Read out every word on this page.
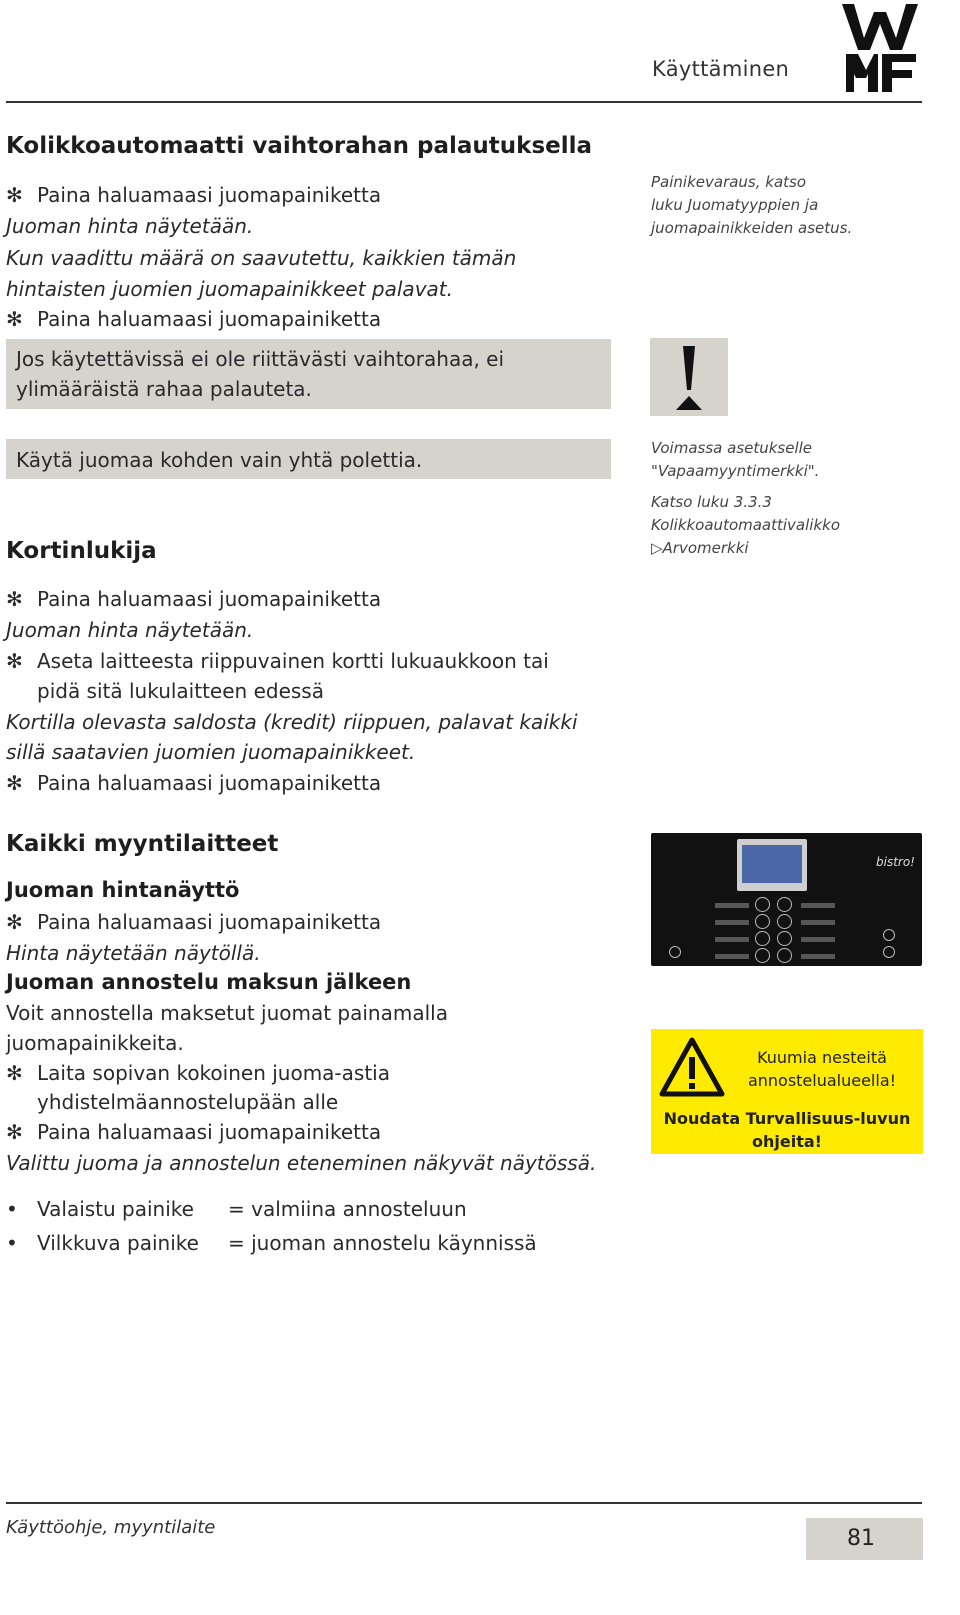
Käyttäminen
Kolikkoautomaatti vaihtorahan palautuksella
✻ Paina haluamaasi juomapainiketta
Juoman hinta näytetään.
Kun vaadittu määrä on saavutettu, kaikkien tämän
hintaisten juomien juomapainikkeet palavat.
✻ Paina haluamaasi juomapainiketta
Jos käytettävissä ei ole riittävästi vaihtorahaa, ei
ylimääräistä rahaa palauteta.
Käytä juomaa kohden vain yhtä polettia.
Painikevaraus, katso
luku Juomatyyppien ja
juomapainikkeiden asetus.
Voimassa asetukselle
"Vapaamyyntimerkki".
Katso luku 3.3.3
Kolikkoautomaattivalikko
▷Arvomerkki
Kortinlukija
✻ Paina haluamaasi juomapainiketta
Juoman hinta näytetään.
✻ Aseta laitteesta riippuvainen kortti lukuaukkoon tai
pidä sitä lukulaitteen edessä
Kortilla olevasta saldosta (kredit) riippuen, palavat kaikki
sillä saatavien juomien juomapainikkeet.
✻ Paina haluamaasi juomapainiketta
Kaikki myyntilaitteet
Juoman hintanäyttö
✻ Paina haluamaasi juomapainiketta
Hinta näytetään näytöllä.
Juoman annostelu maksun jälkeen
Voit annostella maksetut juomat painamalla
juomapainikkeita.
✻ Laita sopivan kokoinen juoma-astia
yhdistelmäannostelupään alle
✻ Paina haluamaasi juomapainiketta
Valittu juoma ja annostelun eteneminen näkyvät näytössä.
• Valaistu painike = valmiina annosteluun
• Vilkkuva painike = juoman annostelu käynnissä
bistro!
Kuumia nesteitä
annostelualueella!
Noudata Turvallisuus-luvun
ohjeita!
Käyttöohje, myyntilaite	81
